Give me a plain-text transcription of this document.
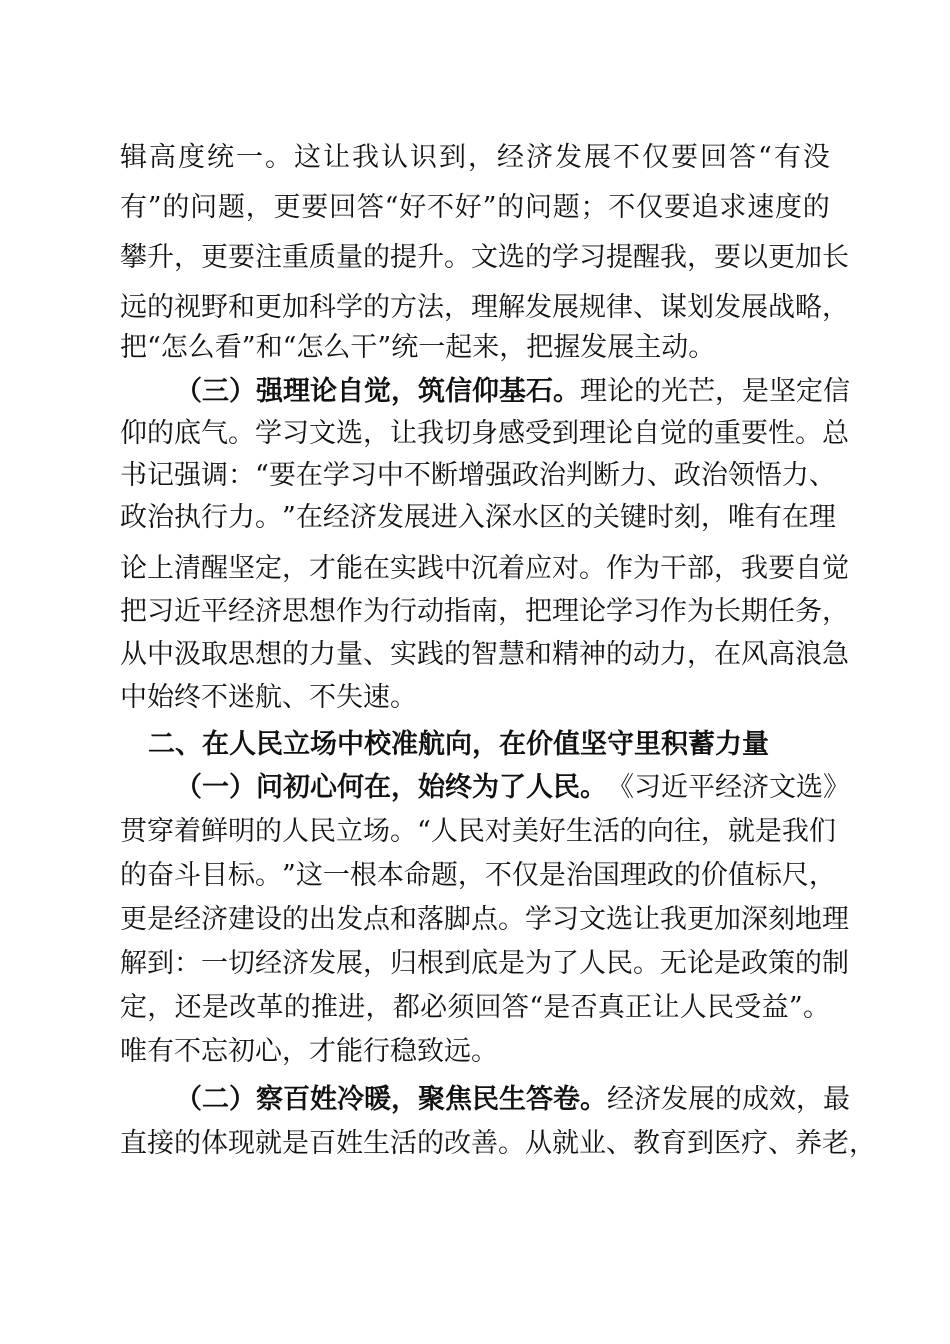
辑 高 度 统 一 。 这 让 我 认 识 到 ， 经 济 发 展 不 仅 要 回 答 “ 有 没
有 ” 的 问 题 ， 更 要 回 答 “ 好 不 好 ” 的 问 题 ； 不 仅 要 追 求 速 度 的
攀 升 ， 更 要 注 重 质 量 的 提 升 。 文 选 的 学 习 提 醒 我 ， 要 以 更 加 长
远 的 视 野 和 更 加 科 学 的 方 法 ， 理 解 发 展 规 律 、 谋 划 发 展 战 略 ，
把“怎么看”和“怎么干”统一起来，把握发展主动。
（三）强理论自觉，筑信仰基石。 理论的光芒，是坚定信
仰 的 底 气 。 学 习 文 选 ， 让 我 切 身 感 受 到 理 论 自 觉 的 重 要 性 。 总
书 记 强 调 ： “ 要 在 学 习 中 不 断 增 强 政 治 判 断 力 、 政 治 领 悟 力 、
政 治 执 行 力 。 ” 在 经 济 发 展 进 入 深 水 区 的 关 键 时 刻 ， 唯 有 在 理
论 上 清 醒 坚 定 ， 才 能 在 实 践 中 沉 着 应 对 。 作 为 干 部 ， 我 要 自 觉
把 习 近 平 经 济 思 想 作 为 行 动 指 南 ， 把 理 论 学 习 作 为 长 期 任 务 ，
从 中 汲 取 思 想 的 力 量 、 实 践 的 智 慧 和 精 神 的 动 力 ， 在 风 高 浪 急
中始终不迷航、不失速。
二、在人民立场中校准航向，在价值坚守里积蓄力量
（一）问初心何在，始终为了人民。 《习近平经济文选》
贯 穿 着 鲜 明 的 人 民 立 场 。 “ 人 民 对 美 好 生 活 的 向 往 ， 就 是 我 们
的 奋 斗 目 标 。 ” 这 一 根 本 命 题 ， 不 仅 是 治 国 理 政 的 价 值 标 尺 ，
更 是 经 济 建 设 的 出 发 点 和 落 脚 点 。 学 习 文 选 让 我 更 加 深 刻 地 理
解 到 ： 一 切 经 济 发 展 ， 归 根 到 底 是 为 了 人 民 。 无 论 是 政 策 的 制
定 ， 还 是 改 革 的 推 进 ， 都 必 须 回 答 “ 是 否 真 正 让 人 民 受 益 ” 。
唯有不忘初心，才能行稳致远。
（二）察百姓冷暖，聚焦民生答卷。 经济发展的成效，最
直 接 的 体 现 就 是 百 姓 生 活 的 改 善 。 从 就 业 、 教 育 到 医 疗 、 养 老 ，
